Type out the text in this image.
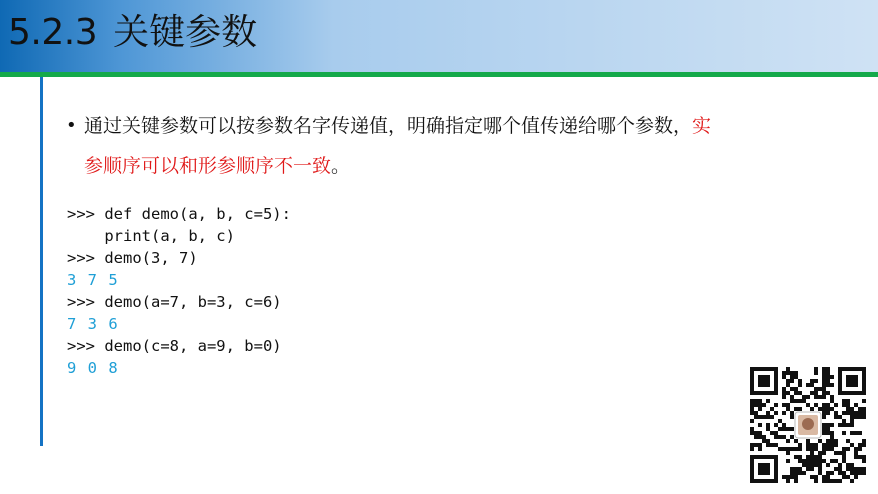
5.2.3 关键参数
• 通过关键参数可以按参数名字传递值，明确指定哪个值传递给哪个参数，实
参顺序可以和形参顺序不一致。
>>> def demo(a, b, c=5):
print(a, b, c)
>>> demo(3, 7)
3 7 5
>>> demo(a=7, b=3, c=6)
7 3 6
>>> demo(c=8, a=9, b=0)
9 0 8
